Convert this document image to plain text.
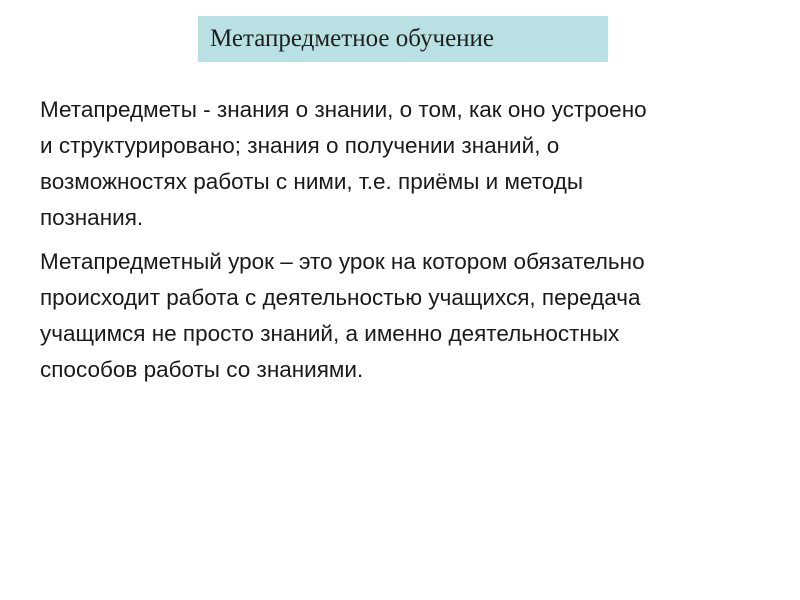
Метапредметное обучение

Метапредметы - знания о знании, о том, как оно устроено
и структурировано; знания о получении знаний, о
возможностях работы с ними, т.е. приёмы и методы
познания.

Метапредметный урок – это урок на котором обязательно
происходит работа с деятельностью учащихся, передача
учащимся не просто знаний, а именно деятельностных
способов работы со знаниями.
